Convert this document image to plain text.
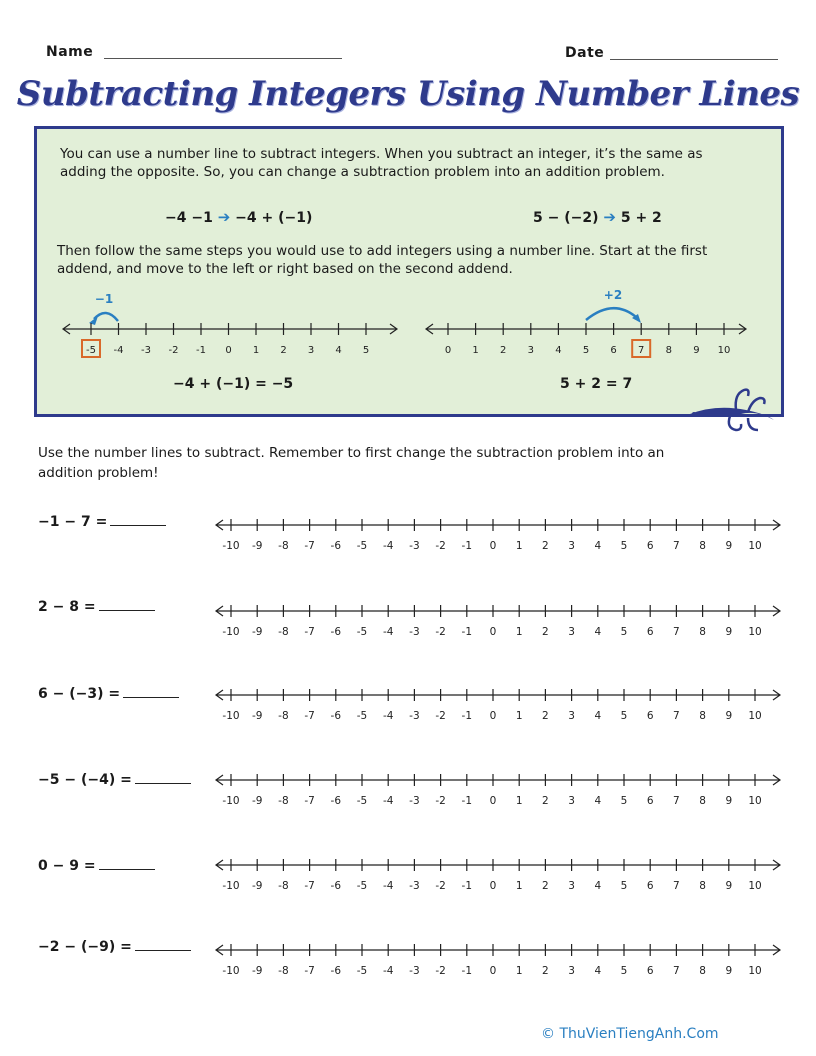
Name	Date
Subtracting Integers Using Number Lines
You can use a number line to subtract integers. When you subtract an integer, it’s the same as
adding the opposite. So, you can change a subtraction problem into an addition problem.
−4 −1 ➔ −4 + (−1)	5 − (−2) ➔ 5 + 2
Then follow the same steps you would use to add integers using a number line. Start at the first
addend, and move to the left or right based on the second addend.
−1
-5 -4 -3 -2 -1 0 1 2 3 4 5
−4 + (−1) = −5
+2
0 1 2 3 4 5 6 7 8 9 10
5 + 2 = 7
Use the number lines to subtract. Remember to first change the subtraction problem into an
addition problem!
−1 − 7 =
2 − 8 =
6 − (−3) =
−5 − (−4) =
0 − 9 =
−2 − (−9) =
-10 -9 -8 -7 -6 -5 -4 -3 -2 -1 0 1 2 3 4 5 6 7 8 9 10
-10 -9 -8 -7 -6 -5 -4 -3 -2 -1 0 1 2 3 4 5 6 7 8 9 10
-10 -9 -8 -7 -6 -5 -4 -3 -2 -1 0 1 2 3 4 5 6 7 8 9 10
-10 -9 -8 -7 -6 -5 -4 -3 -2 -1 0 1 2 3 4 5 6 7 8 9 10
-10 -9 -8 -7 -6 -5 -4 -3 -2 -1 0 1 2 3 4 5 6 7 8 9 10
-10 -9 -8 -7 -6 -5 -4 -3 -2 -1 0 1 2 3 4 5 6 7 8 9 10
© ThuVienTiengAnh.Com
